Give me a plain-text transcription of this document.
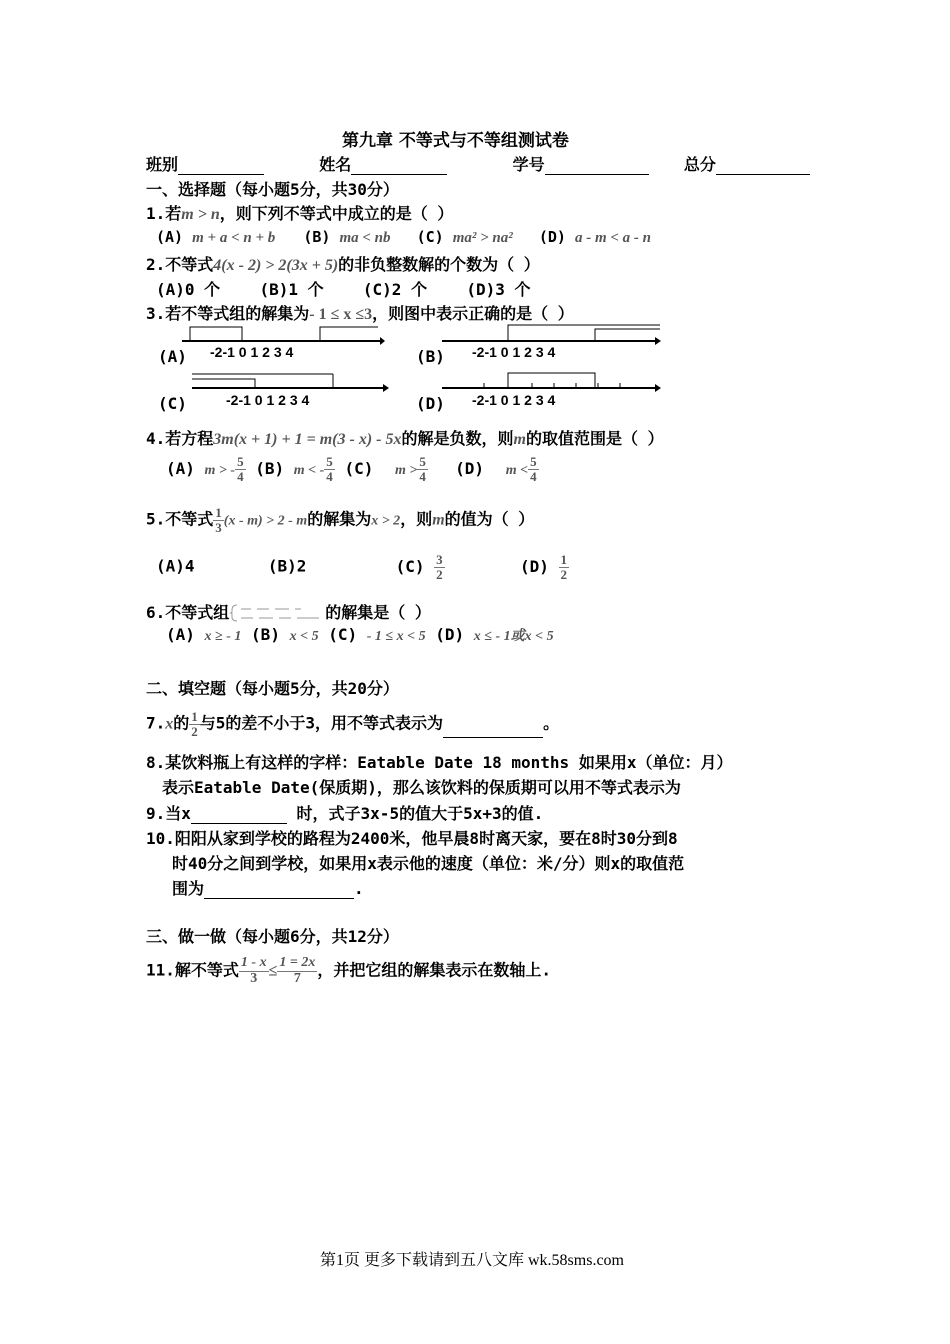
第九章 不等式与不等组测试卷
班别	姓名	学号	总分
一、选择题（每小题5分，共30分）
1.若m > n，则下列不等式中成立的是（ ）
(A) m + a < n + b (B) ma < nb (C) ma² > na² (D) a - m < a - n
2.不等式4(x - 2) > 2(3x + 5)的非负整数解的个数为（ ）
(A)0 个 (B)1 个 (C)2 个 (D)3 个
3.若不等式组的解集为- 1 ≤ x ≤3，则图中表示正确的是（ ）
(A)	(B)
(C)	(D)
-2-1 0 1 2 3 4	-2-1 0 1 2 3 4
-2-1 0 1 2 3 4	-2-1 0 1 2 3 4
4.若方程3m(x + 1) + 1 = m(3 - x) - 5x的解是负数，则m的取值范围是（ ）
(A) m > - $\frac{5}{4} (B) m$ < - $\frac{5}{4} (C) m > \frac{5}{4} (D) m < \frac{5}{4}$
5.不等式 $\frac{1}{3} (x - m) > 2 - m$的解集为x > 2，则m的值为（ ）
(A)4	(B)2	$(C) \frac{3}{2}$	$(D) \frac{1}{2}$
6.不等式组	的解集是（ ）
(A) x ≥ - 1 (B) x < 5 (C) - 1 ≤ x < 5 (D) x ≤ - 1或x < 5
二、填空题（每小题5分，共20分）
7.x的 $\frac{1}{2}$ 与5的差不小于3，用不等式表示为	。
8.某饮料瓶上有这样的字样：Eatable Date 18 months 如果用x（单位：月）
表示Eatable Date(保质期)，那么该饮料的保质期可以用不等式表示为
9.当x	时，式子3x-5的值大于5x+3的值.
10.阳阳从家到学校的路程为2400米，他早晨8时离天家，要在8时30分到8
时40分之间到学校，如果用x表示他的速度（单位：米/分）则x的取值范
围为	.
三、做一做（每小题6分，共12分）
11.解不等式 $\frac{1 - x}{3} \le \frac{1 = 2x}{7}$ ，并把它组的解集表示在数轴上.
第1页 更多下载请到五八文库 wk.58sms.com
